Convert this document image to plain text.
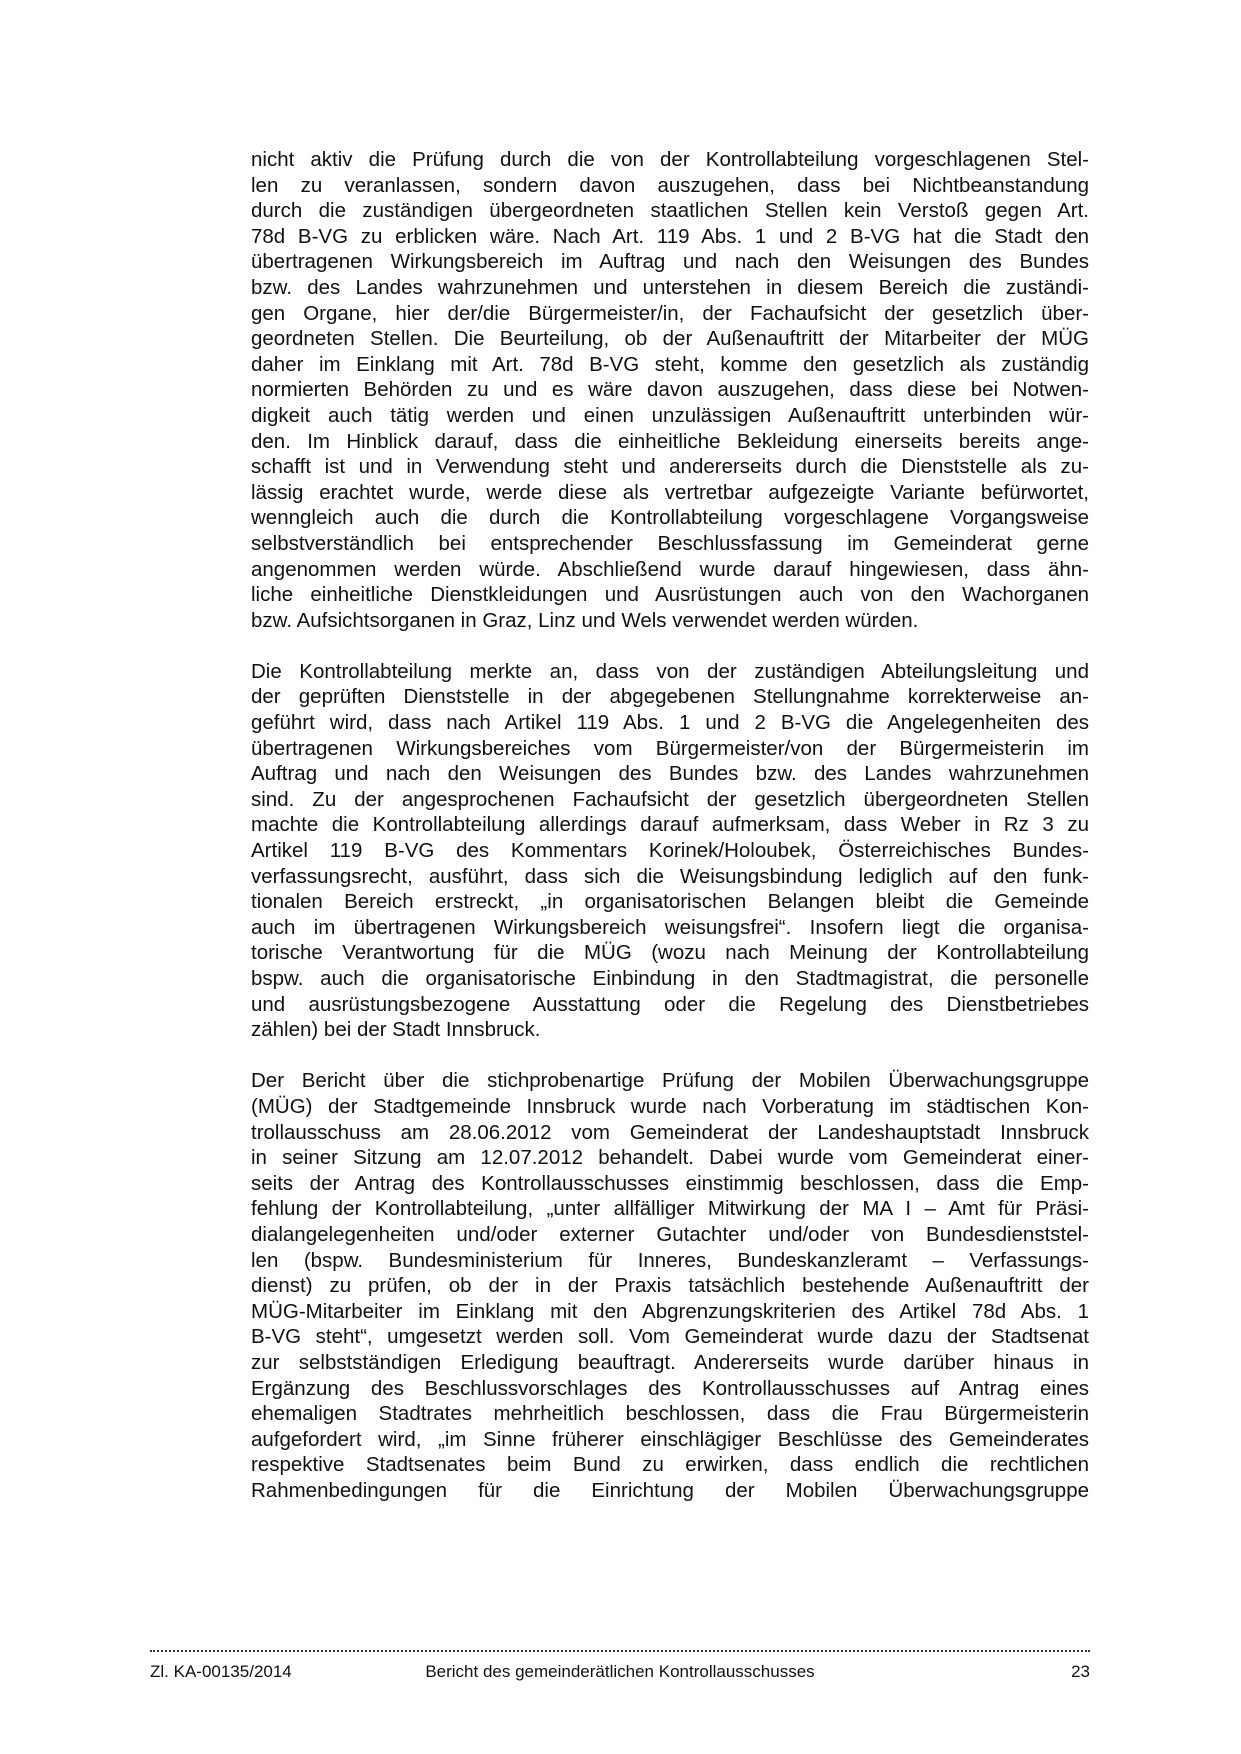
nicht aktiv die Prüfung durch die von der Kontrollabteilung vorgeschlagenen Stel-
len zu veranlassen, sondern davon auszugehen, dass bei Nichtbeanstandung
durch die zuständigen übergeordneten staatlichen Stellen kein Verstoß gegen Art.
78d B-VG zu erblicken wäre. Nach Art. 119 Abs. 1 und 2 B-VG hat die Stadt den
übertragenen Wirkungsbereich im Auftrag und nach den Weisungen des Bundes
bzw. des Landes wahrzunehmen und unterstehen in diesem Bereich die zuständi-
gen Organe, hier der/die Bürgermeister/in, der Fachaufsicht der gesetzlich über-
geordneten Stellen. Die Beurteilung, ob der Außenauftritt der Mitarbeiter der MÜG
daher im Einklang mit Art. 78d B-VG steht, komme den gesetzlich als zuständig
normierten Behörden zu und es wäre davon auszugehen, dass diese bei Notwen-
digkeit auch tätig werden und einen unzulässigen Außenauftritt unterbinden wür-
den. Im Hinblick darauf, dass die einheitliche Bekleidung einerseits bereits ange-
schafft ist und in Verwendung steht und andererseits durch die Dienststelle als zu-
lässig erachtet wurde, werde diese als vertretbar aufgezeigte Variante befürwortet,
wenngleich auch die durch die Kontrollabteilung vorgeschlagene Vorgangsweise
selbstverständlich bei entsprechender Beschlussfassung im Gemeinderat gerne
angenommen werden würde. Abschließend wurde darauf hingewiesen, dass ähn-
liche einheitliche Dienstkleidungen und Ausrüstungen auch von den Wachorganen
bzw. Aufsichtsorganen in Graz, Linz und Wels verwendet werden würden.

Die Kontrollabteilung merkte an, dass von der zuständigen Abteilungsleitung und
der geprüften Dienststelle in der abgegebenen Stellungnahme korrekterweise an-
geführt wird, dass nach Artikel 119 Abs. 1 und 2 B-VG die Angelegenheiten des
übertragenen Wirkungsbereiches vom Bürgermeister/von der Bürgermeisterin im
Auftrag und nach den Weisungen des Bundes bzw. des Landes wahrzunehmen
sind. Zu der angesprochenen Fachaufsicht der gesetzlich übergeordneten Stellen
machte die Kontrollabteilung allerdings darauf aufmerksam, dass Weber in Rz 3 zu
Artikel 119 B-VG des Kommentars Korinek/Holoubek, Österreichisches Bundes-
verfassungsrecht, ausführt, dass sich die Weisungsbindung lediglich auf den funk-
tionalen Bereich erstreckt, „in organisatorischen Belangen bleibt die Gemeinde
auch im übertragenen Wirkungsbereich weisungsfrei“. Insofern liegt die organisa-
torische Verantwortung für die MÜG (wozu nach Meinung der Kontrollabteilung
bspw. auch die organisatorische Einbindung in den Stadtmagistrat, die personelle
und ausrüstungsbezogene Ausstattung oder die Regelung des Dienstbetriebes
zählen) bei der Stadt Innsbruck.

Der Bericht über die stichprobenartige Prüfung der Mobilen Überwachungsgruppe
(MÜG) der Stadtgemeinde Innsbruck wurde nach Vorberatung im städtischen Kon-
trollausschuss am 28.06.2012 vom Gemeinderat der Landeshauptstadt Innsbruck
in seiner Sitzung am 12.07.2012 behandelt. Dabei wurde vom Gemeinderat einer-
seits der Antrag des Kontrollausschusses einstimmig beschlossen, dass die Emp-
fehlung der Kontrollabteilung, „unter allfälliger Mitwirkung der MA I – Amt für Präsi-
dialangelegenheiten und/oder externer Gutachter und/oder von Bundesdienststel-
len (bspw. Bundesministerium für Inneres, Bundeskanzleramt – Verfassungs-
dienst) zu prüfen, ob der in der Praxis tatsächlich bestehende Außenauftritt der
MÜG-Mitarbeiter im Einklang mit den Abgrenzungskriterien des Artikel 78d Abs. 1
B-VG steht“, umgesetzt werden soll. Vom Gemeinderat wurde dazu der Stadtsenat
zur selbstständigen Erledigung beauftragt. Andererseits wurde darüber hinaus in
Ergänzung des Beschlussvorschlages des Kontrollausschusses auf Antrag eines
ehemaligen Stadtrates mehrheitlich beschlossen, dass die Frau Bürgermeisterin
aufgefordert wird, „im Sinne früherer einschlägiger Beschlüsse des Gemeinderates
respektive Stadtsenates beim Bund zu erwirken, dass endlich die rechtlichen
Rahmenbedingungen für die Einrichtung der Mobilen Überwachungsgruppe

Zl. KA-00135/2014	Bericht des gemeinderätlichen Kontrollausschusses	23
